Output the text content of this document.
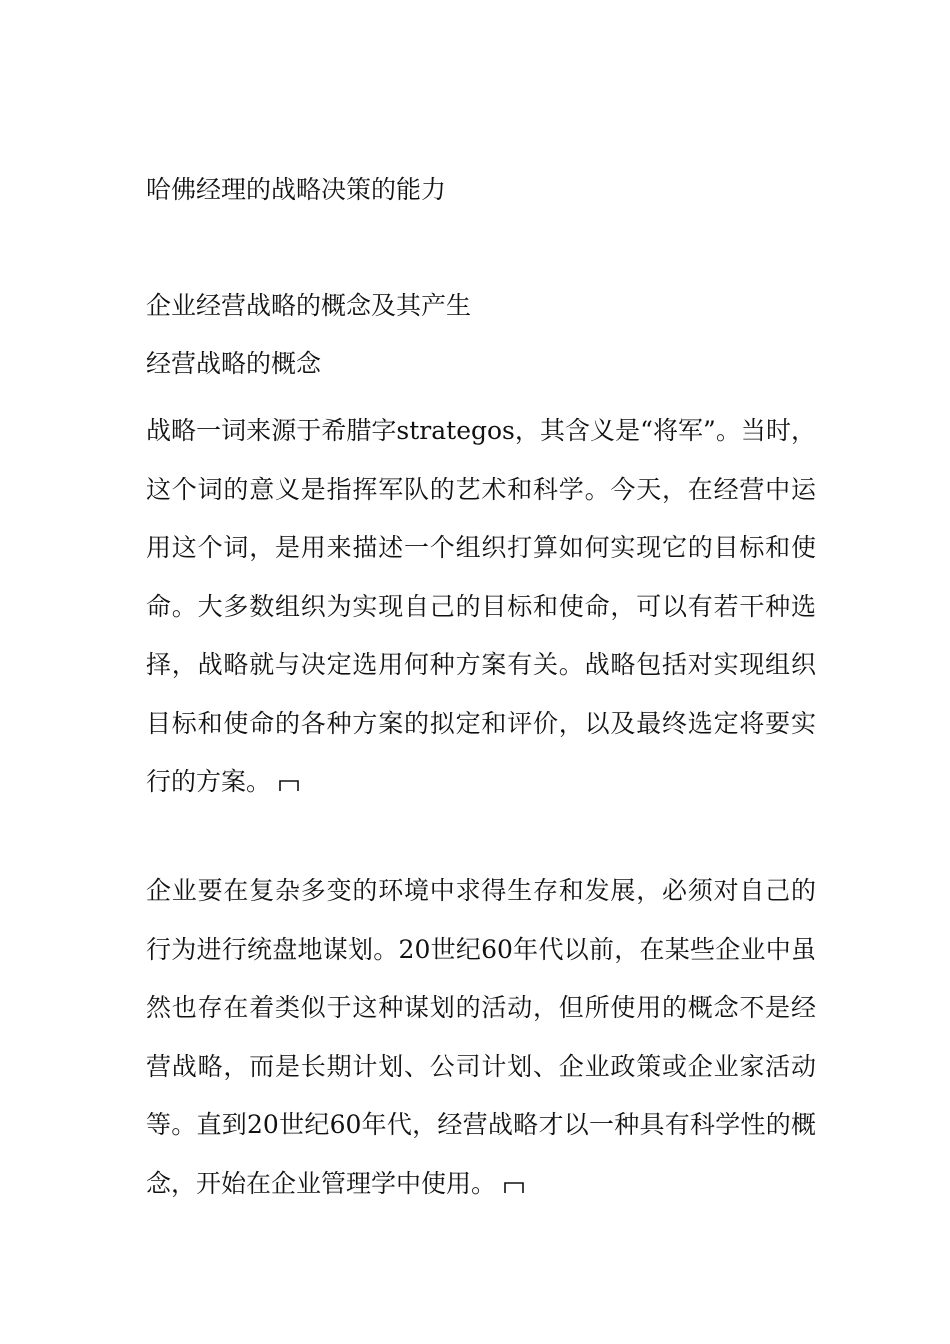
哈佛经理的战略决策的能力
企业经营战略的概念及其产生
经营战略的概念

战略一词来源于希腊字strategos，其含义是“将军”。当时，这个词的意义是指挥军队的艺术和科学。今天，在经营中运用这个词，是用来描述一个组织打算如何实现它的目标和使命。大多数组织为实现自己的目标和使命，可以有若干种选择，战略就与决定选用何种方案有关。战略包括对实现组织目标和使命的各种方案的拟定和评价，以及最终选定将要实行的方案。

企业要在复杂多变的环境中求得生存和发展，必须对自己的行为进行统盘地谋划。20世纪60年代以前，在某些企业中虽然也存在着类似于这种谋划的活动，但所使用的概念不是经营战略，而是长期计划、公司计划、企业政策或企业家活动等。直到20世纪60年代，经营战略才以一种具有科学性的概念，开始在企业管理学中使用。
